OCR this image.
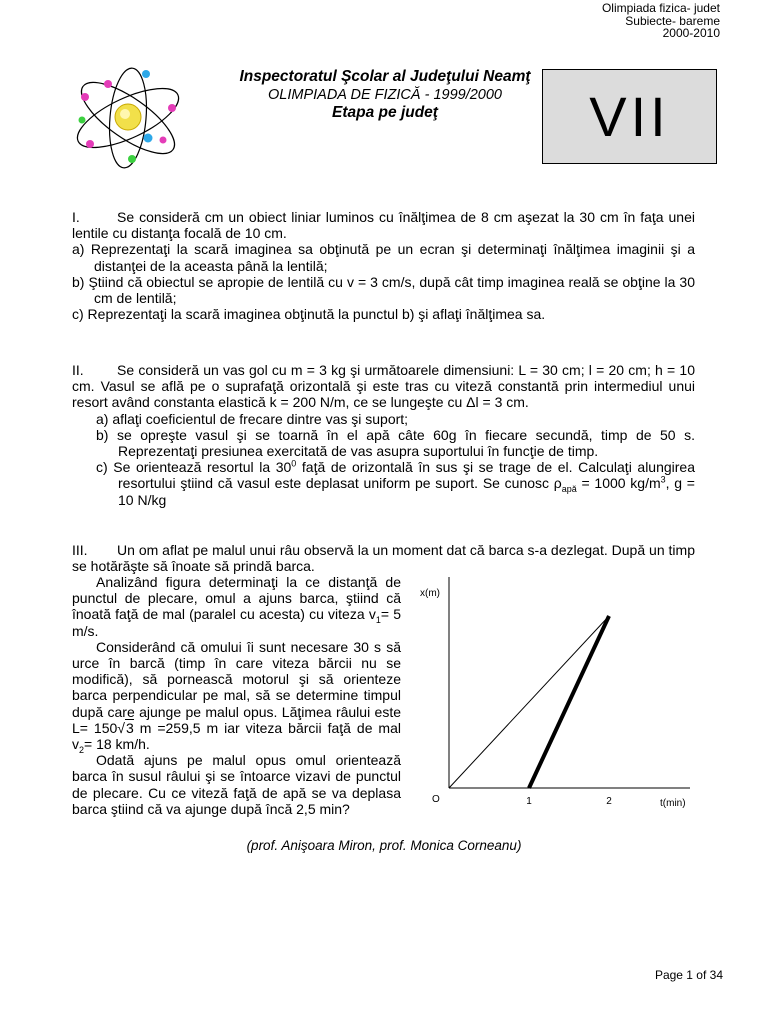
Olimpiada fizica- judet
Subiecte- bareme
2000-2010
Inspectoratul Şcolar al Judeţului Neamţ
OLIMPIADA DE FIZICĂ - 1999/2000
Etapa pe judeţ	VII
I.	Se consideră cm un obiect liniar luminos cu înălţimea de 8 cm aşezat la 30 cm în faţa unei lentile cu distanţa focală de 10 cm.
a) Reprezentaţi la scară imaginea sa obţinută pe un ecran şi determinaţi înălţimea imaginii şi a distanţei de la aceasta până la lentilă;
b) Ştiind că obiectul se apropie de lentilă cu v = 3 cm/s, după cât timp imaginea reală se obţine la 30 cm de lentilă;
c) Reprezentaţi la scară imaginea obţinută la punctul b) şi aflaţi înălţimea sa.
II. Se consideră un vas gol cu m = 3 kg şi următoarele dimensiuni: L = 30 cm; l = 20 cm; h = 10 cm. Vasul se află pe o suprafaţă orizontală şi este tras cu viteză constantă prin intermediul unui resort având constanta elastică k = 200 N/m, ce se lungeşte cu Δl = 3 cm.
a) aflaţi coeficientul de frecare dintre vas şi suport;
b) se opreşte vasul şi se toarnă în el apă câte 60g în fiecare secundă, timp de 50 s. Reprezentaţi presiunea exercitată de vas asupra suportului în funcţie de timp.
c) Se orientează resortul la $30^0$ faţă de orizontală în sus şi se trage de el. Calculaţi alungirea resortului ştiind că vasul este deplasat uniform pe suport. Se cunosc $\rho_{apă} = 1000$ $kg/m^3$, g = 10 N/kg
III. Un om aflat pe malul unui râu observă la un moment dat că barca s-a dezlegat. După un timp se hotărăşte să înoate să prindă barca.
Analizând figura determinaţi la ce distanţă de punctul de plecare, omul a ajuns barca, ştiind că înoată faţă de mal (paralel cu acesta) cu viteza $v_1= 5$ m/s.
Considerând că omului îi sunt necesare 30 s să urce în barcă (timp în care viteza bărcii nu se modifică), să pornească motorul şi să orienteze barca perpendicular pe mal, să se determine timpul după care ajunge pe malul opus. Lăţimea râului este L= 150√3 m =259,5 m iar viteza bărcii faţă de mal $v_2= 18$ km/h.
Odată ajuns pe malul opus omul orientează barca în susul râului şi se întoarce vizavi de punctul de plecare. Cu ce viteză faţă de apă se va deplasa barca ştiind că va ajunge după încă 2,5 min?
x(m)
t(min)
O	1	2
(prof. Anişoara Miron, prof. Monica Corneanu)
Page 1 of 34
